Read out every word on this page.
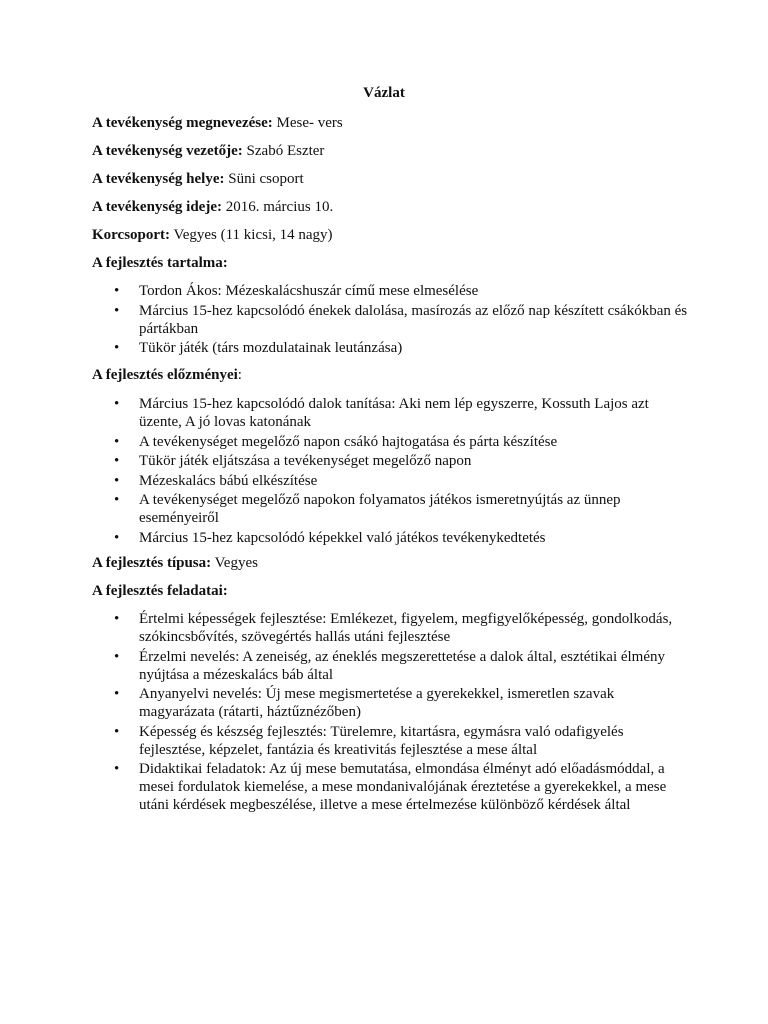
Vázlat
A tevékenység megnevezése: Mese- vers
A tevékenység vezetője: Szabó Eszter
A tevékenység helye: Süni csoport
A tevékenység ideje: 2016. március 10.
Korcsoport: Vegyes (11 kicsi, 14 nagy)
A fejlesztés tartalma:
• Tordon Ákos: Mézeskalácshuszár című mese elmesélése
• Március 15-hez kapcsolódó énekek dalolása, masírozás az előző nap készített csákókban és pártákban
• Tükör játék (társ mozdulatainak leutánzása)
A fejlesztés előzményei:
• Március 15-hez kapcsolódó dalok tanítása: Aki nem lép egyszerre, Kossuth Lajos azt üzente, A jó lovas katonának
• A tevékenységet megelőző napon csákó hajtogatása és párta készítése
• Tükör játék eljátszása a tevékenységet megelőző napon
• Mézeskalács bábú elkészítése
• A tevékenységet megelőző napokon folyamatos játékos ismeretnyújtás az ünnep eseményeiről
• Március 15-hez kapcsolódó képekkel való játékos tevékenykedtetés
A fejlesztés típusa: Vegyes
A fejlesztés feladatai:
• Értelmi képességek fejlesztése: Emlékezet, figyelem, megfigyelőképesség, gondolkodás, szókincsbővítés, szövegértés hallás utáni fejlesztése
• Érzelmi nevelés: A zeneiség, az éneklés megszerettetése a dalok által, esztétikai élmény nyújtása a mézeskalács báb által
• Anyanyelvi nevelés: Új mese megismertetése a gyerekekkel, ismeretlen szavak magyarázata (rátarti, háztűznézőben)
• Képesség és készség fejlesztés: Türelemre, kitartásra, egymásra való odafigyelés fejlesztése, képzelet, fantázia és kreativitás fejlesztése a mese által
• Didaktikai feladatok: Az új mese bemutatása, elmondása élményt adó előadásmóddal, a mesei fordulatok kiemelése, a mese mondanivalójának éreztetése a gyerekekkel, a mese utáni kérdések megbeszélése, illetve a mese értelmezése különböző kérdések által
